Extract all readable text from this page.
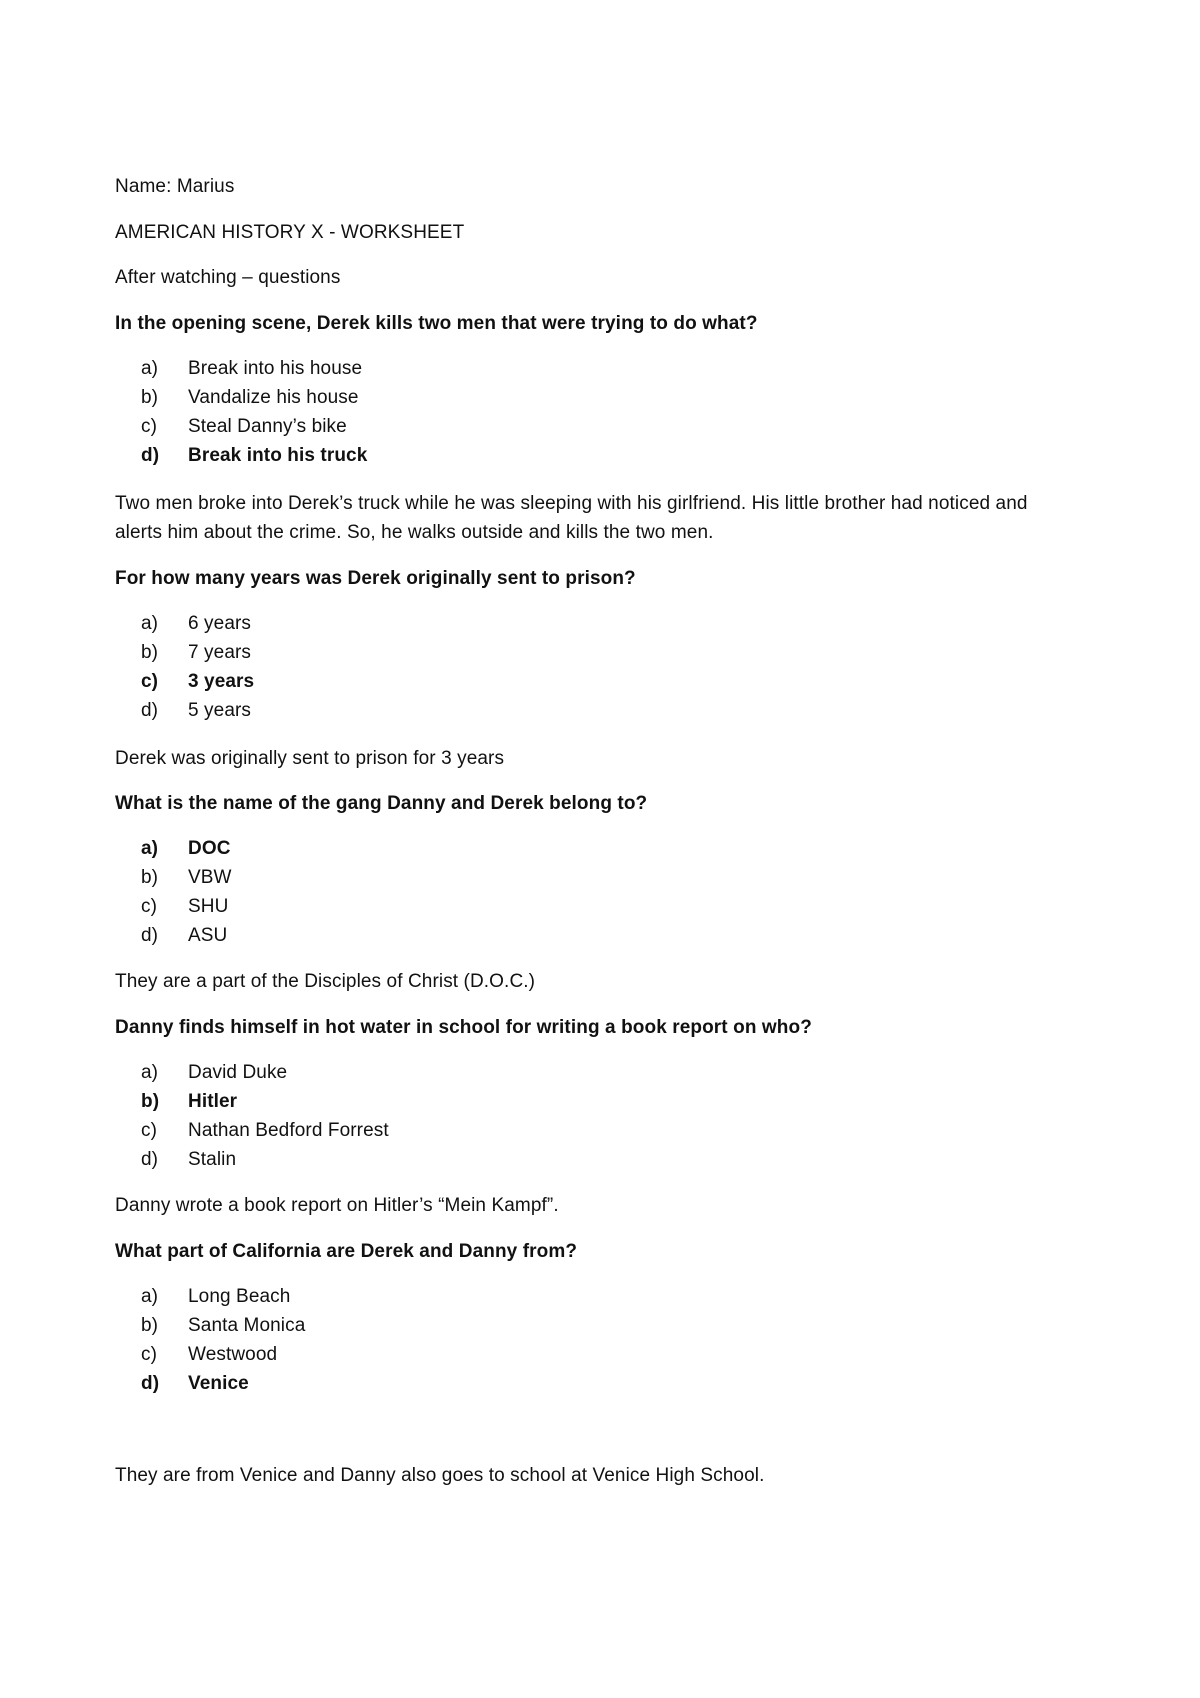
Name: Marius
AMERICAN HISTORY X - WORKSHEET
After watching – questions
In the opening scene, Derek kills two men that were trying to do what?
a) Break into his house
b) Vandalize his house
c) Steal Danny’s bike
d) Break into his truck
Two men broke into Derek’s truck while he was sleeping with his girlfriend. His little brother had noticed and alerts him about the crime. So, he walks outside and kills the two men.
For how many years was Derek originally sent to prison?
a) 6 years
b) 7 years
c) 3 years
d) 5 years
Derek was originally sent to prison for 3 years
What is the name of the gang Danny and Derek belong to?
a) DOC
b) VBW
c) SHU
d) ASU
They are a part of the Disciples of Christ (D.O.C.)
Danny finds himself in hot water in school for writing a book report on who?
a) David Duke
b) Hitler
c) Nathan Bedford Forrest
d) Stalin
Danny wrote a book report on Hitler’s “Mein Kampf”.
What part of California are Derek and Danny from?
a) Long Beach
b) Santa Monica
c) Westwood
d) Venice
They are from Venice and Danny also goes to school at Venice High School.
